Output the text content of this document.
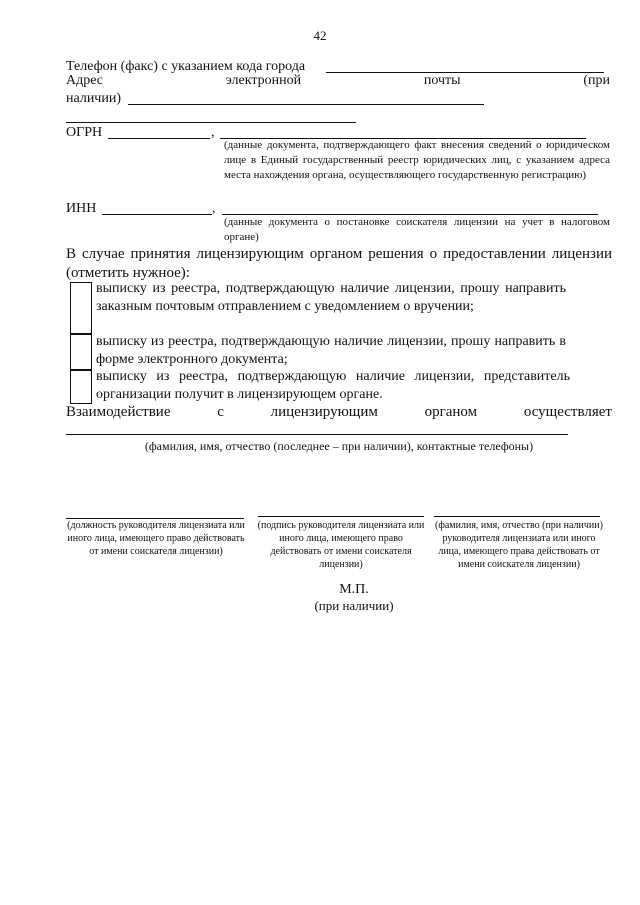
42
Телефон (факс) с указанием кода города
Адрес	электронной	почты	(при
наличии)
ОГРН	,
(данные документа, подтверждающего факт внесения сведений о юридическом лице в Единый государственный реестр юридических лиц, с указанием адреса места нахождения органа, осуществляющего государственную регистрацию)
ИНН	,
(данные документа о постановке соискателя лицензии на учет в налоговом органе)
В случае принятия лицензирующим органом решения о предоставлении лицензии (отметить нужное):
выписку из реестра, подтверждающую наличие лицензии, прошу направить заказным почтовым отправлением с уведомлением о вручении;
выписку из реестра, подтверждающую наличие лицензии, прошу направить в форме электронного документа;
выписку из реестра, подтверждающую наличие лицензии, представитель организации получит в лицензирующем органе.
Взаимодействие	с	лицензирующим	органом	осуществляет
(фамилия, имя, отчество (последнее – при наличии), контактные телефоны)
(должность руководителя лицензиата или иного лица, имеющего право действовать от имени соискателя лицензии)
(подпись руководителя лицензиата или иного лица, имеющего право действовать от имени соискателя лицензии)
(фамилия, имя, отчество (при наличии) руководителя лицензиата или иного лица, имеющего права действовать от имени соискателя лицензии)
М.П.
(при наличии)
